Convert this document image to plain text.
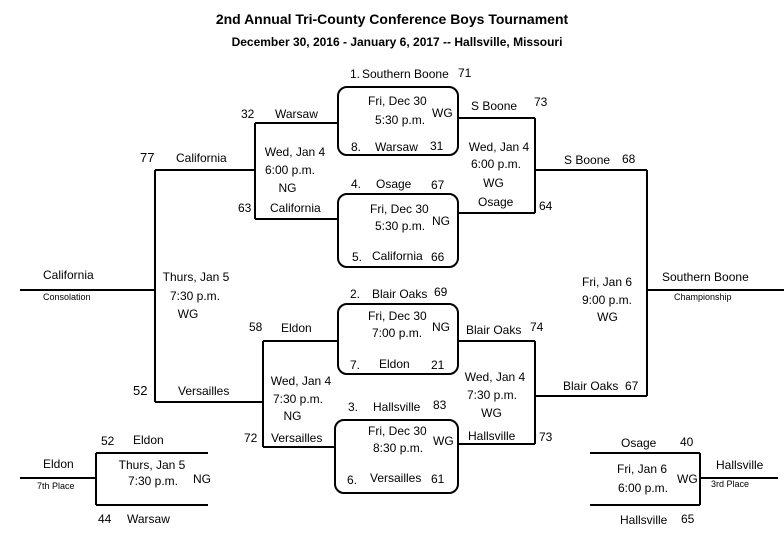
2nd Annual Tri-County Conference Boys Tournament
December 30, 2016 - January 6, 2017 -- Hallsville, Missouri
1. Southern Boone 71
Fri, Dec 30
5:30 p.m. WG
8. Warsaw 31
4. Osage 67
Fri, Dec 30
5:30 p.m. NG
5. California 66
2. Blair Oaks 69
Fri, Dec 30
7:00 p.m. NG
7. Eldon 21
3. Hallsville 83
Fri, Dec 30
8:30 p.m. WG
6. Versailles 61
32 Warsaw
Wed, Jan 4
6:00 p.m.
NG
63 California
58 Eldon
Wed, Jan 4
7:30 p.m.
NG
72 Versailles
77 California
Thurs, Jan 5
7:30 p.m.
WG
52	Versailles
California
Consolation
S Boone 73
Wed, Jan 4
6:00 p.m.
WG
Osage 64
Blair Oaks 74
Wed, Jan 4
7:30 p.m.
WG
Hallsville 73
S Boone 68
Fri, Jan 6
9:00 p.m.
WG
Blair Oaks 67
Southern Boone
Championship
52 Eldon
Thurs, Jan 5
7:30 p.m.	NG
44 Warsaw
Eldon
7th Place
Osage 40
Fri, Jan 6
6:00 p.m.
WG
Hallsville 65
Hallsville
3rd Place
